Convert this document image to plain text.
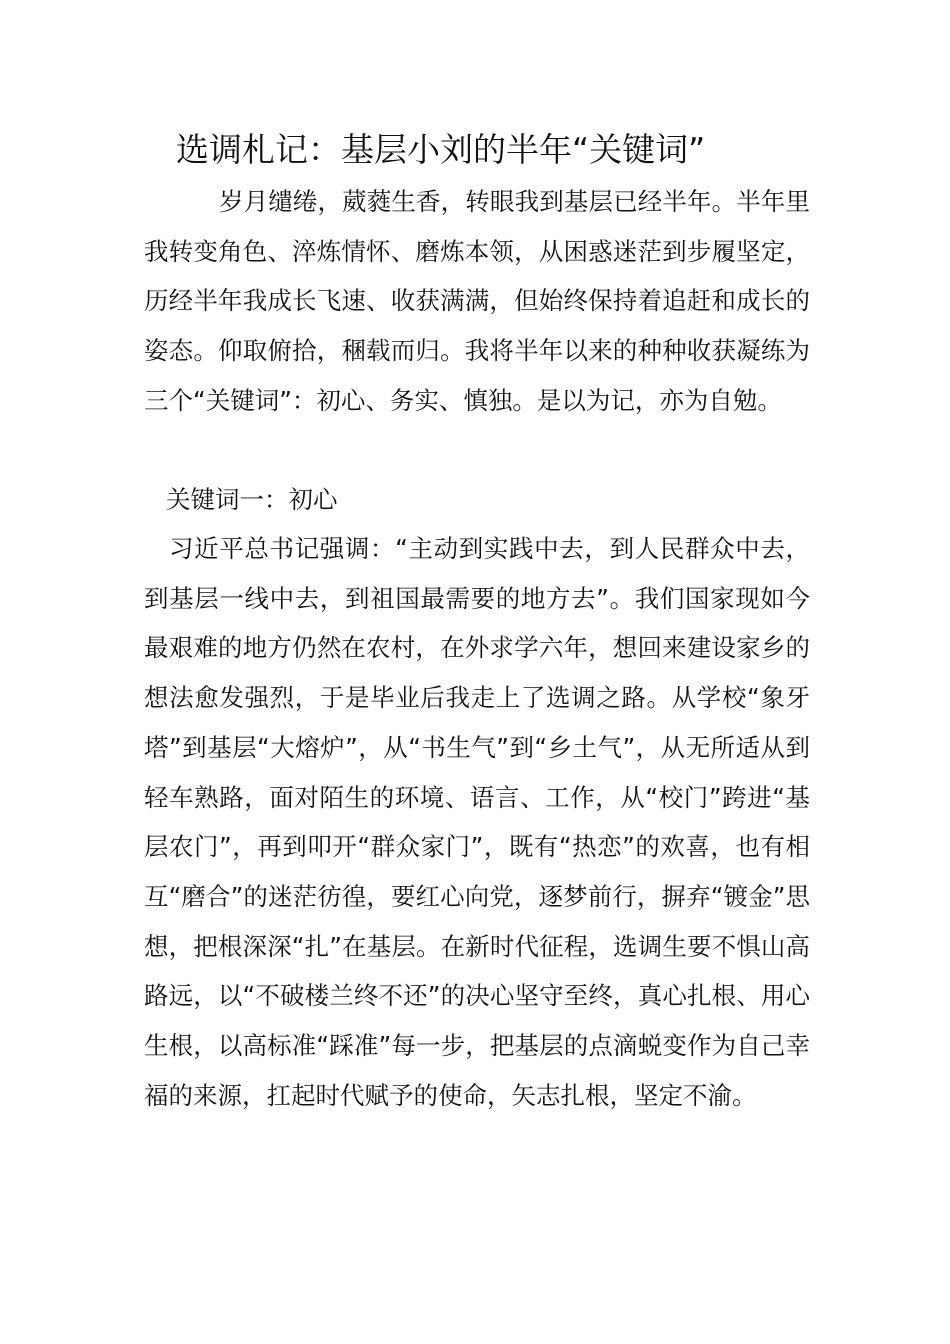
选调札记：基层小刘的半年“关键词”

岁月缱绻，葳蕤生香，转眼我到基层已经半年。半年里我转变角色、淬炼情怀、磨炼本领，从困惑迷茫到步履坚定，历经半年我成长飞速、收获满满，但始终保持着追赶和成长的姿态。仰取俯拾，稛载而归。我将半年以来的种种收获凝练为三个“关键词”：初心、务实、慎独。是以为记，亦为自勉。

关键词一：初心

习近平总书记强调：“主动到实践中去，到人民群众中去，到基层一线中去，到祖国最需要的地方去”。我们国家现如今最艰难的地方仍然在农村，在外求学六年，想回来建设家乡的想法愈发强烈，于是毕业后我走上了选调之路。从学校“象牙塔”到基层“大熔炉”，从“书生气”到“乡土气”，从无所适从到轻车熟路，面对陌生的环境、语言、工作，从“校门”跨进“基层农门”，再到叩开“群众家门”，既有“热恋”的欢喜，也有相互“磨合”的迷茫彷徨，要红心向党，逐梦前行，摒弃“镀金”思想，把根深深“扎”在基层。在新时代征程，选调生要不惧山高路远，以“不破楼兰终不还”的决心坚守至终，真心扎根、用心生根，以高标准“踩准”每一步，把基层的点滴蜕变作为自己幸福的来源，扛起时代赋予的使命，矢志扎根，坚定不渝。
